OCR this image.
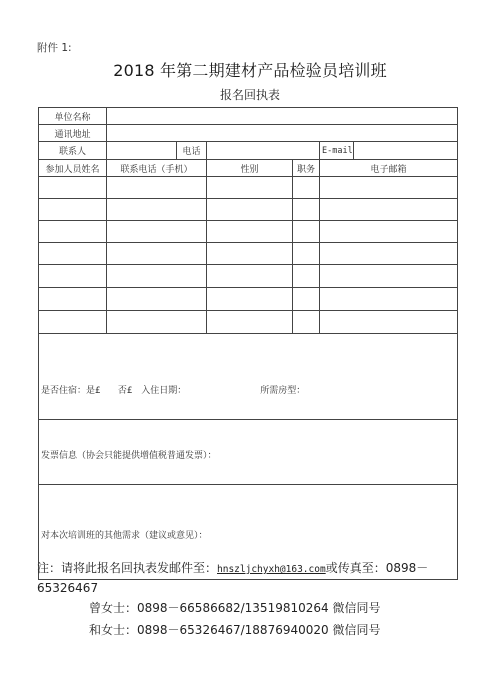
附件 1:
2018 年第二期建材产品检验员培训班
报名回执表
单位名称						
通讯地址						
联系人		电话			E-mail	
参加人员姓名	联系电话（手机）		性别	职务	电子邮箱	

是否住宿：是£ 否£ 入住日期： 所需房型：						
发票信息（协会只能提供增值税普通发票）：						
对本次培训班的其他需求（建议或意见）：						
注：请将此报名回执表发邮件至：hnszljchyxh@163.com或传真至：0898－65326467
曾女士：0898－66586682/13519810264 微信同号
和女士：0898－65326467/18876940020 微信同号
